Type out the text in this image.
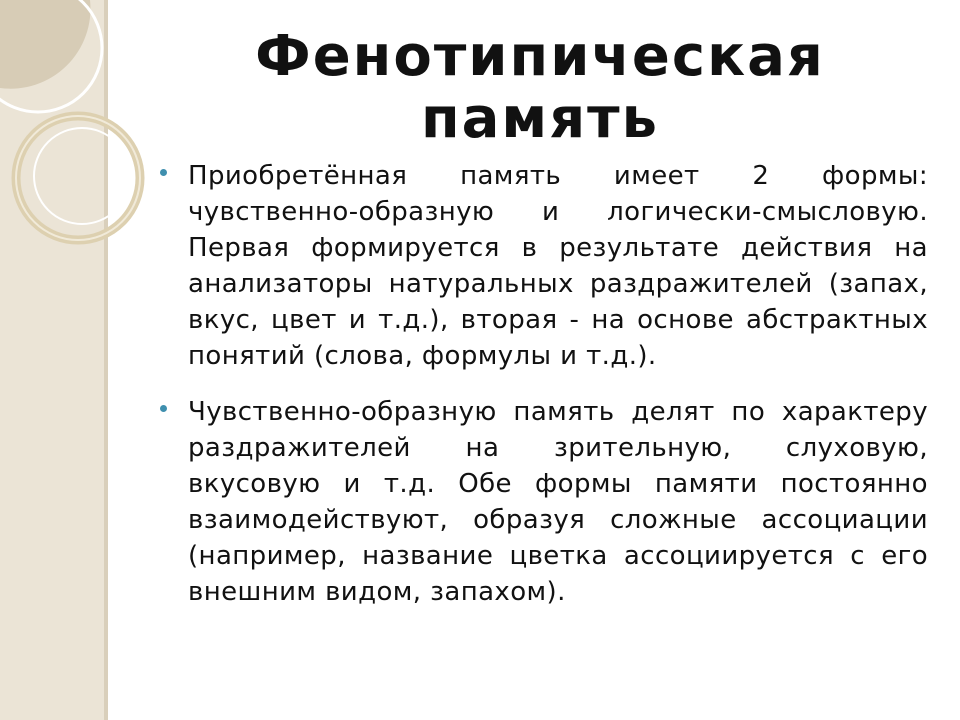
Фенотипическая память
Приобретённая память имеет 2 формы: чувственно-образную и логически-смысловую. Первая формируется в результате действия на анализаторы натуральных раздражителей (запах, вкус, цвет и т.д.), вторая - на основе абстрактных понятий (слова, формулы и т.д.).
Чувственно-образную память делят по характеру раздражителей на зрительную, слуховую, вкусовую и т.д. Обе формы памяти постоянно взаимодействуют, образуя сложные ассоциации (например, название цветка ассоциируется с его внешним видом, запахом).
